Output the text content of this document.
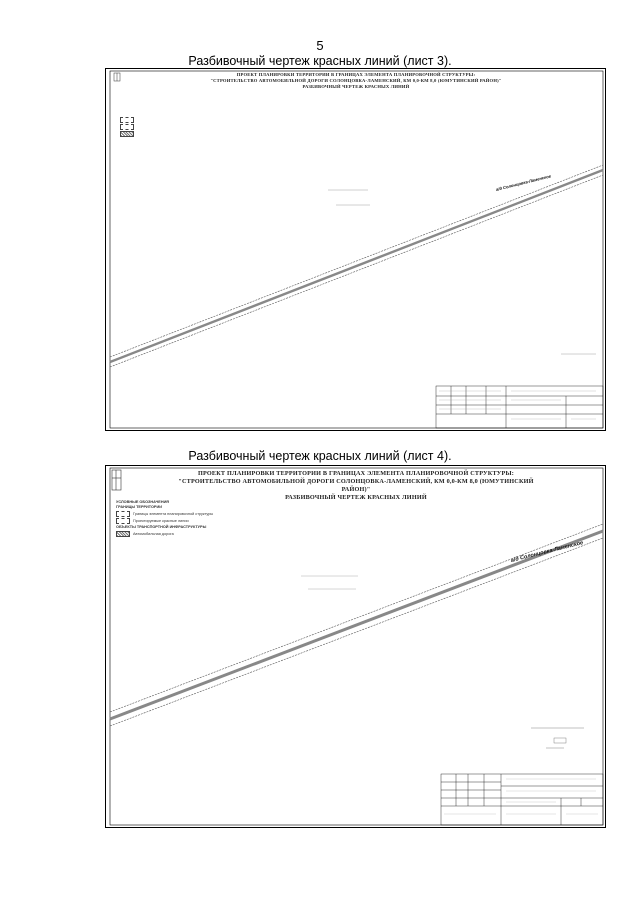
5
Разбивочный чертеж красных линий (лист 3).
Разбивочный чертеж красных линий (лист 4).
ПРОЕКТ ПЛАНИРОВКИ ТЕРРИТОРИИ В ГРАНИЦАХ ЭЛЕМЕНТА ПЛАНИРОВОЧНОЙ СТРУКТУРЫ:
"СТРОИТЕЛЬСТВО АВТОМОБИЛЬНОЙ ДОРОГИ СОЛОНЦОВКА-ЛАМЕНСКИЙ, КМ 0,0-КМ 8,0 (ЮМУТИНСКИЙ РАЙОН)"
РАЗБИВОЧНЫЙ ЧЕРТЕЖ КРАСНЫХ ЛИНИЙ
а/д Солонцовка-Ламенское
ПРОЕКТ ПЛАНИРОВКИ ТЕРРИТОРИИ В ГРАНИЦАХ ЭЛЕМЕНТА ПЛАНИРОВОЧНОЙ СТРУКТУРЫ:
"СТРОИТЕЛЬСТВО АВТОМОБИЛЬНОЙ ДОРОГИ СОЛОНЦОВКА-ЛАМЕНСКИЙ, КМ 0,0-КМ 8,0 (ЮМУТИНСКИЙ РАЙОН)"
РАЗБИВОЧНЫЙ ЧЕРТЕЖ КРАСНЫХ ЛИНИЙ
УСЛОВНЫЕ ОБОЗНАЧЕНИЯ
ГРАНИЦЫ ТЕРРИТОРИИ
Границы элемента планировочной структуры
Проектируемые красные линии
ОБЪЕКТЫ ТРАНСПОРТНОЙ ИНФРАСТРУКТУРЫ
Автомобильная дорога
а/д Солонцовка-Ламенское
